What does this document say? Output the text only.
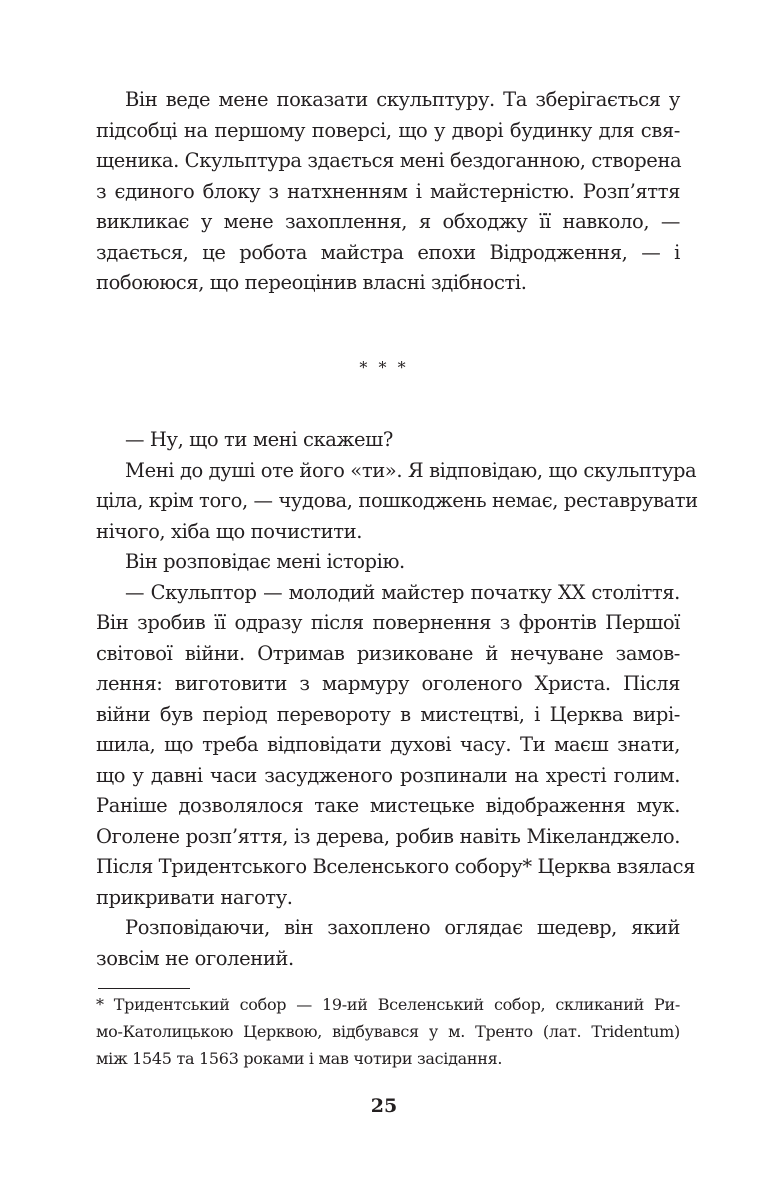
Він веде мене показати скульптуру. Та зберігається у
підсобці на першому поверсі, що у дворі будинку для свя-
щеника. Скульптура здається мені бездоганною, створена
з єдиного блоку з натхненням і майстерністю. Розп’яття
викликає у мене захоплення, я обходжу її навколо, —
здається, це робота майстра епохи Відродження, — і
побоююся, що переоцінив власні здібності.
* * *
— Ну, що ти мені скажеш?
Мені до душі оте його «ти». Я відповідаю, що скульптура
ціла, крім того, — чудова, пошкоджень немає, реставрувати
нічого, хіба що почистити.
Він розповідає мені історію.
— Скульптор — молодий майстер початку XX століття.
Він зробив її одразу після повернення з фронтів Першої
світової війни. Отримав ризиковане й нечуване замов-
лення: виготовити з мармуру оголеного Христа. Після
війни був період перевороту в мистецтві, і Церква вирі-
шила, що треба відповідати духові часу. Ти маєш знати,
що у давні часи засудженого розпинали на хресті голим.
Раніше дозволялося таке мистецьке відображення мук.
Оголене розп’яття, із дерева, робив навіть Мікеланджело.
Після Тридентського Вселенського собору* Церква взялася
прикривати наготу.
Розповідаючи, він захоплено оглядає шедевр, який
зовсім не оголений.
* Тридентський собор — 19-ий Вселенський собор, скликаний Ри-
мо-Католицькою Церквою, відбувався у м. Тренто (лат. Tridentum)
між 1545 та 1563 роками і мав чотири засідання.
25
